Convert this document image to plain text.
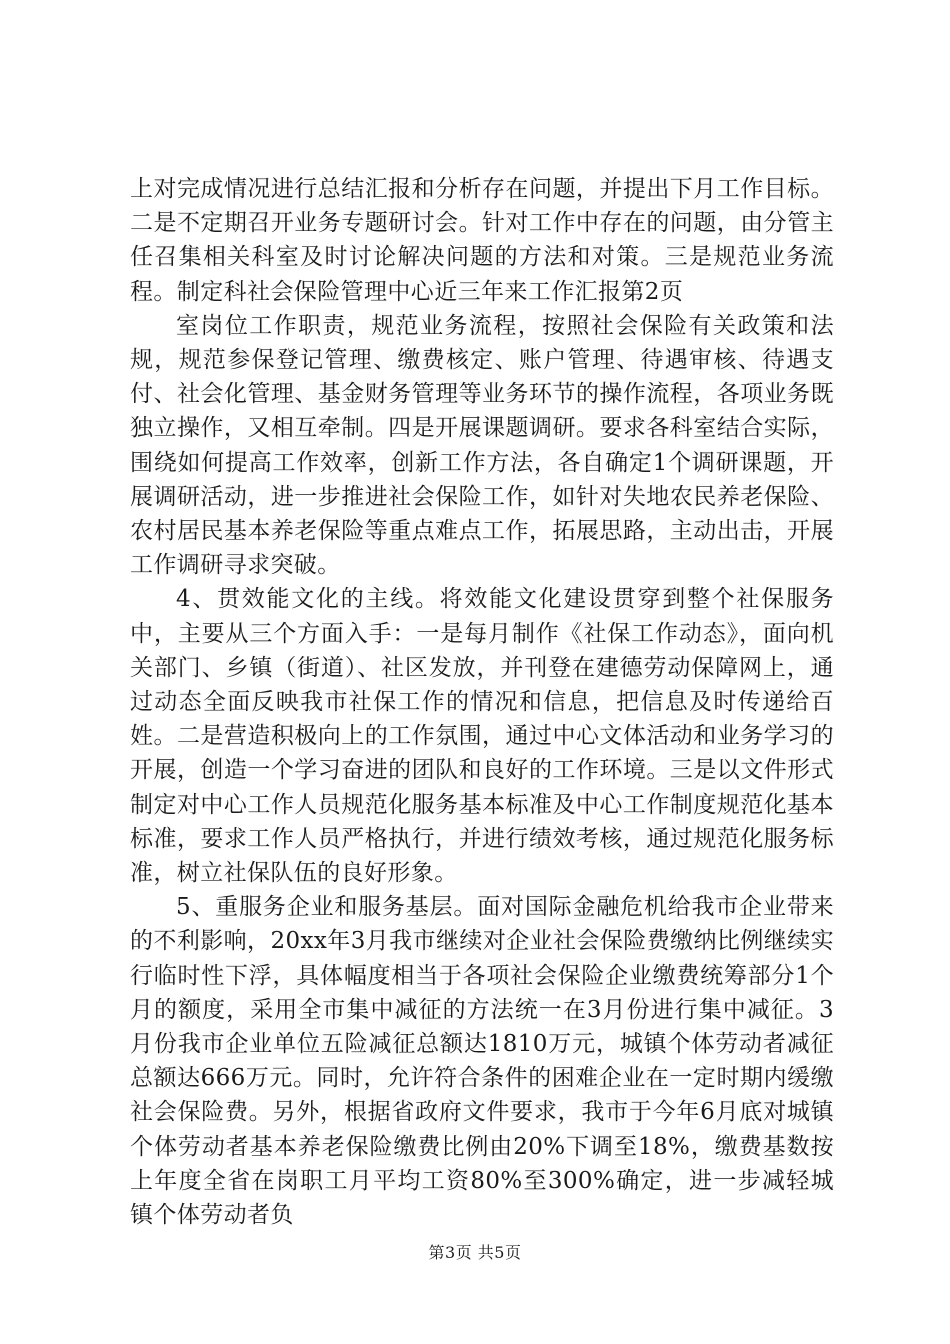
上对完成情况进行总结汇报和分析存在问题，并提出下月工作目标。二是不定期召开业务专题研讨会。针对工作中存在的问题，由分管主任召集相关科室及时讨论解决问题的方法和对策。三是规范业务流程。制定科社会保险管理中心近三年来工作汇报第2页

室岗位工作职责，规范业务流程，按照社会保险有关政策和法规，规范参保登记管理、缴费核定、账户管理、待遇审核、待遇支付、社会化管理、基金财务管理等业务环节的操作流程，各项业务既独立操作，又相互牵制。四是开展课题调研。要求各科室结合实际，围绕如何提高工作效率，创新工作方法，各自确定1个调研课题，开展调研活动，进一步推进社会保险工作，如针对失地农民养老保险、农村居民基本养老保险等重点难点工作，拓展思路，主动出击，开展工作调研寻求突破。

4、贯效能文化的主线。将效能文化建设贯穿到整个社保服务中，主要从三个方面入手：一是每月制作《社保工作动态》，面向机关部门、乡镇（街道）、社区发放，并刊登在建德劳动保障网上，通过动态全面反映我市社保工作的情况和信息，把信息及时传递给百姓。二是营造积极向上的工作氛围，通过中心文体活动和业务学习的开展，创造一个学习奋进的团队和良好的工作环境。三是以文件形式制定对中心工作人员规范化服务基本标准及中心工作制度规范化基本标准，要求工作人员严格执行，并进行绩效考核，通过规范化服务标准，树立社保队伍的良好形象。

5、重服务企业和服务基层。面对国际金融危机给我市企业带来的不利影响，20xx年3月我市继续对企业社会保险费缴纳比例继续实行临时性下浮，具体幅度相当于各项社会保险企业缴费统筹部分1个月的额度，采用全市集中减征的方法统一在3月份进行集中减征。3月份我市企业单位五险减征总额达1810万元，城镇个体劳动者减征总额达666万元。同时，允许符合条件的困难企业在一定时期内缓缴社会保险费。另外，根据省政府文件要求，我市于今年6月底对城镇个体劳动者基本养老保险缴费比例由20%下调至18%，缴费基数按上年度全省在岗职工月平均工资80%至300%确定，进一步减轻城镇个体劳动者负

第3页 共5页
